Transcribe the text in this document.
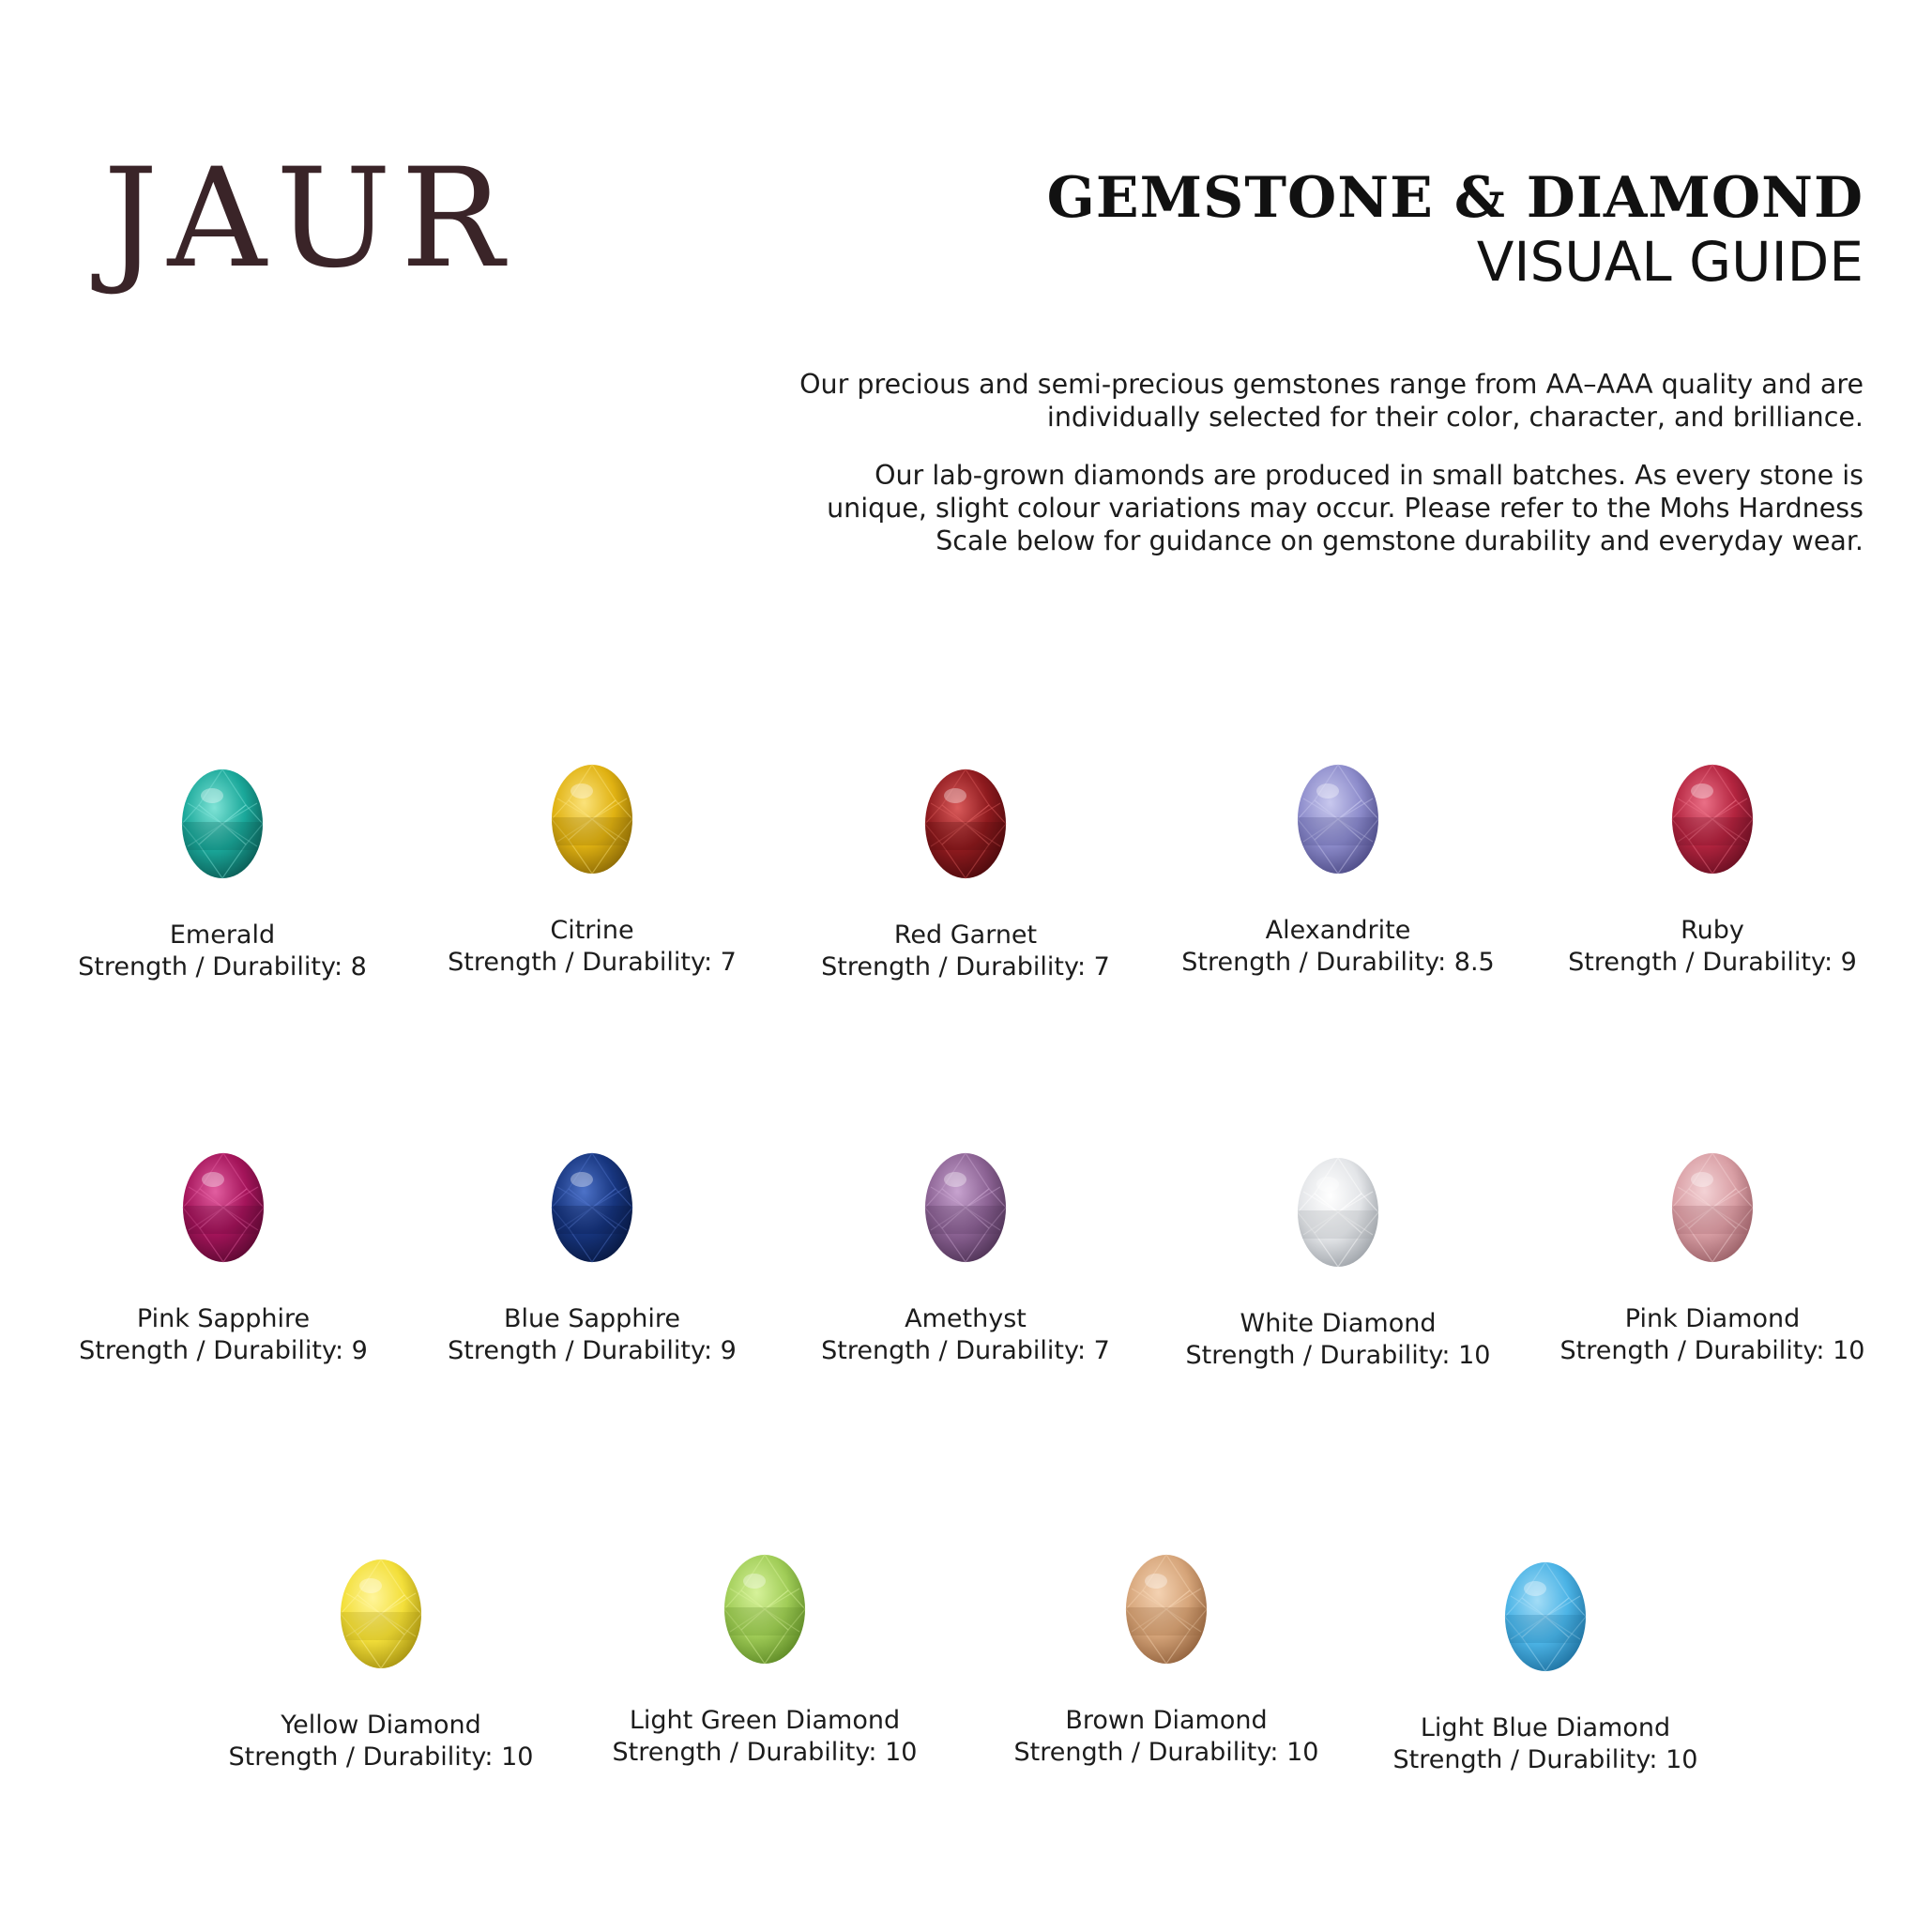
JAUR	GEMSTONE & DIAMOND
VISUAL GUIDE

Our precious and semi-precious gemstones range from AA–AAA quality and are individually selected for their color, character, and brilliance.

Our lab-grown diamonds are produced in small batches. As every stone is unique, slight colour variations may occur. Please refer to the Mohs Hardness Scale below for guidance on gemstone durability and everyday wear.

Emerald
Strength / Durability: 8
Citrine
Strength / Durability: 7
Red Garnet
Strength / Durability: 7
Alexandrite
Strength / Durability: 8.5
Ruby
Strength / Durability: 9
Pink Sapphire
Strength / Durability: 9
Blue Sapphire
Strength / Durability: 9
Amethyst
Strength / Durability: 7
White Diamond
Strength / Durability: 10
Pink Diamond
Strength / Durability: 10
Yellow Diamond
Strength / Durability: 10
Light Green Diamond
Strength / Durability: 10
Brown Diamond
Strength / Durability: 10
Light Blue Diamond
Strength / Durability: 10
